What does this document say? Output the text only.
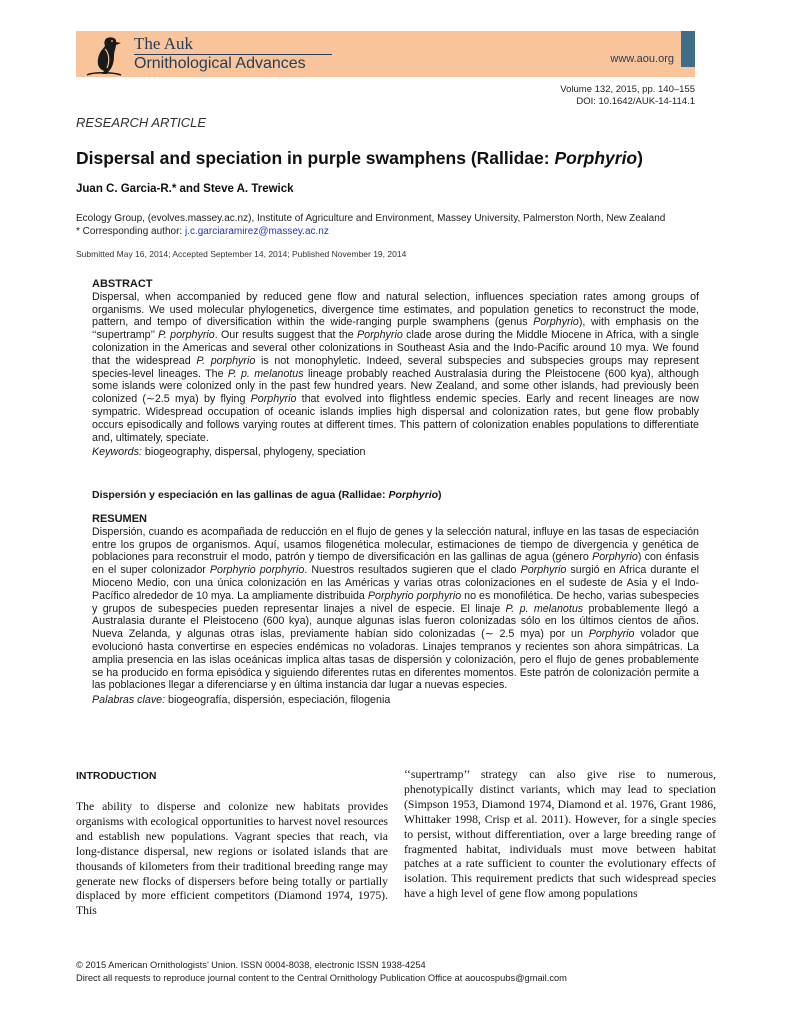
The Auk
Ornithological Advances	www.aou.org
Volume 132, 2015, pp. 140–155
DOI: 10.1642/AUK-14-114.1
RESEARCH ARTICLE
Dispersal and speciation in purple swamphens (Rallidae: Porphyrio)
Juan C. Garcia-R.* and Steve A. Trewick
Ecology Group, (evolves.massey.ac.nz), Institute of Agriculture and Environment, Massey University, Palmerston North, New Zealand
* Corresponding author: j.c.garciaramirez@massey.ac.nz
Submitted May 16, 2014; Accepted September 14, 2014; Published November 19, 2014
ABSTRACT

Dispersal, when accompanied by reduced gene flow and natural selection, influences speciation rates among groups of organisms. We used molecular phylogenetics, divergence time estimates, and population genetics to reconstruct the mode, pattern, and tempo of diversification within the wide-ranging purple swamphens (genus Porphyrio), with emphasis on the ‘‘supertramp’’ P. porphyrio. Our results suggest that the Porphyrio clade arose during the Middle Miocene in Africa, with a single colonization in the Americas and several other colonizations in Southeast Asia and the Indo-Pacific around 10 mya. We found that the widespread P. porphyrio is not monophyletic. Indeed, several subspecies and subspecies groups may represent species-level lineages. The P. p. melanotus lineage probably reached Australasia during the Pleistocene (600 kya), although some islands were colonized only in the past few hundred years. New Zealand, and some other islands, had previously been colonized (∼2.5 mya) by flying Porphyrio that evolved into flightless endemic species. Early and recent lineages are now sympatric. Widespread occupation of oceanic islands implies high dispersal and colonization rates, but gene flow probably occurs episodically and follows varying routes at different times. This pattern of colonization enables populations to differentiate and, ultimately, speciate.

Keywords: biogeography, dispersal, phylogeny, speciation
Dispersión y especiación en las gallinas de agua (Rallidae: Porphyrio)
RESUMEN

Dispersión, cuando es acompañada de reducción en el flujo de genes y la selección natural, influye en las tasas de especiación entre los grupos de organismos. Aquí, usamos filogenética molecular, estimaciones de tiempo de divergencia y genética de poblaciones para reconstruir el modo, patrón y tiempo de diversificación en las gallinas de agua (género Porphyrio) con énfasis en el super colonizador Porphyrio porphyrio. Nuestros resultados sugieren que el clado Porphyrio surgió en Africa durante el Mioceno Medio, con una única colonización en las Américas y varias otras colonizaciones en el sudeste de Asia y el Indo-Pacífico alrededor de 10 mya. La ampliamente distribuida Porphyrio porphyrio no es monofilética. De hecho, varias subespecies y grupos de subespecies pueden representar linajes a nivel de especie. El linaje P. p. melanotus probablemente llegó a Australasia durante el Pleistoceno (600 kya), aunque algunas islas fueron colonizadas sólo en los últimos cientos de años. Nueva Zelanda, y algunas otras islas, previamente habían sido colonizadas (∼ 2.5 mya) por un Porphyrio volador que evolucionó hasta convertirse en especies endémicas no voladoras. Linajes tempranos y recientes son ahora simpátricas. La amplia presencia en las islas oceánicas implica altas tasas de dispersión y colonización, pero el flujo de genes probablemente se ha producido en forma episódica y siguiendo diferentes rutas en diferentes momentos. Este patrón de colonización permite a las poblaciones llegar a diferenciarse y en última instancia dar lugar a nuevas especies.

Palabras clave: biogeografía, dispersión, especiación, filogenia
INTRODUCTION

The ability to disperse and colonize new habitats provides organisms with ecological opportunities to harvest novel resources and establish new populations. Vagrant species that reach, via long-distance dispersal, new regions or isolated islands that are thousands of kilometers from their traditional breeding range may generate new flocks of dispersers before being totally or partially displaced by more efficient competitors (Diamond 1974, 1975). This

‘‘supertramp’’ strategy can also give rise to numerous, phenotypically distinct variants, which may lead to speciation (Simpson 1953, Diamond 1974, Diamond et al. 1976, Grant 1986, Whittaker 1998, Crisp et al. 2011). However, for a single species to persist, without differentiation, over a large breeding range of fragmented habitat, individuals must move between habitat patches at a rate sufficient to counter the evolutionary effects of isolation. This requirement predicts that such widespread species have a high level of gene flow among populations

© 2015 American Ornithologists’ Union. ISSN 0004-8038, electronic ISSN 1938-4254
Direct all requests to reproduce journal content to the Central Ornithology Publication Office at aoucospubs@gmail.com
